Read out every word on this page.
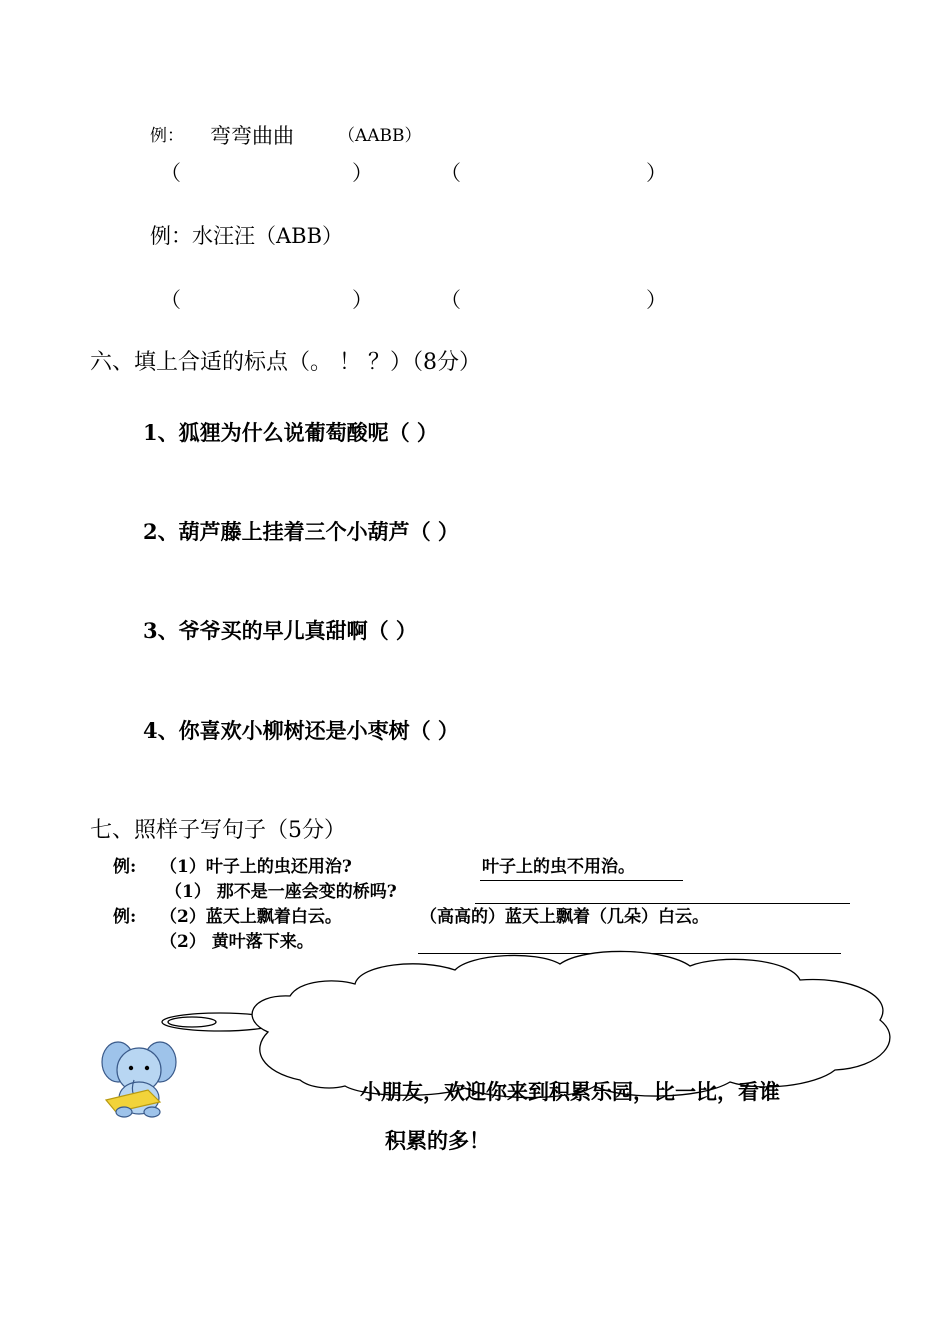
例： 弯弯曲曲	（AABB）
（	）	（	）
例：水汪汪（ABB）
（	）	（	）
六、填上合适的标点（。 ！ ？）（8分）
1、狐狸为什么说葡萄酸呢（ ）
2、葫芦藤上挂着三个小葫芦（ ）
3、爷爷买的早儿真甜啊（ ）
4、你喜欢小柳树还是小枣树（ ）
七、照样子写句子（5分）
例: （1）叶子上的虫还用治?	叶子上的虫不用治。
（1） 那不是一座会变的桥吗?
例: （2）蓝天上飘着白云。	（高高的）蓝天上飘着（几朵）白云。
（2） 黄叶落下来。
小朋友，欢迎你来到积累乐园，比一比，看谁
积累的多！
